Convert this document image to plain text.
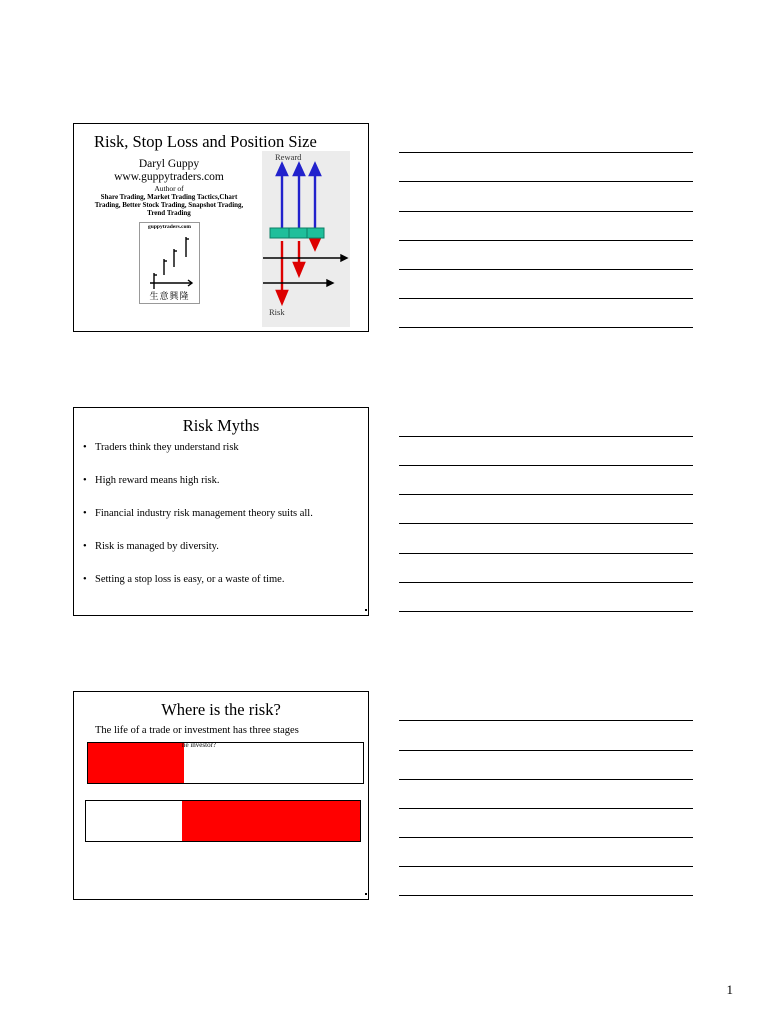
Risk, Stop Loss and Position Size
Daryl Guppy
www.guppytraders.com
Author of
Share Trading, Market Trading Tactics,Chart Trading, Better Stock Trading, Snapshot Trading, Trend Trading
guppytraders.com
生意興隆
Reward
Risk
Risk Myths
• Traders think they understand risk
• High reward means high risk.
• Financial industry risk management theory suits all.
• Risk is managed by diversity.
• Setting a stop loss is easy, or a waste of time.
Where is the risk?
The life of a trade or investment has three stages
ne investor?
1
